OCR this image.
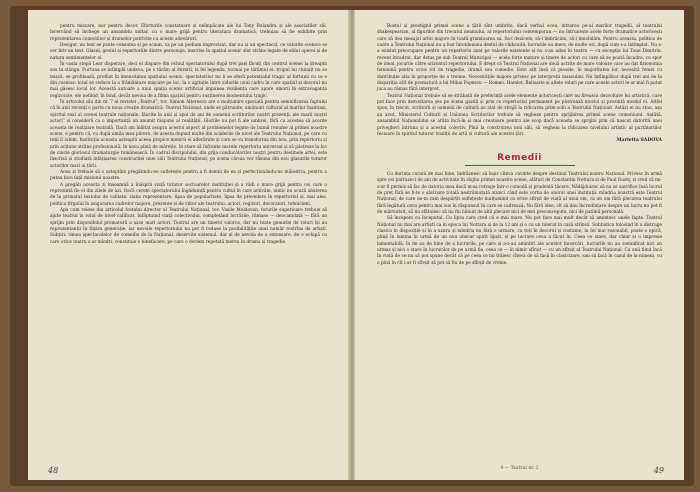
pentru mișcare, nor pentru decor. Eforturile constatoare și neîmpăcate ale lui Tony Bulandra și ale asociaților săi, încercând să închege un ansamblu unitar, cu o mare grijă pentru literatura dramatică, trebuiau să fie exhibite prin reprezentarea comediilor și dramelor potrivite cu aceste adevăruri.

Desigur, un text se poate consuma și pe scaun, ca pe un podium improvizat, dar nu și un spectacol, ce valorile scenice se cer într-un text. Glasul, gestul și repertoriile dintre personaje, inscrise în spațiul scenic sînt strâns legate de stilul operei și de natura sentimentelor ei.

În vasta stepă Lear disperare, deci el dispare din ochiul spectatorului după trei pași făcuți din centrul scenei la dreapta sau la stânga. Furtuna se intîmplă undeva, pe o tărâm al durerii, la fel legenda, tocmai pe tărâmul ei: trupul lui chinuit nu se mișcă, se profilează, profilat în imensitatea spațiului scenic; spectatorilor nu li se oferă potențialul tragic al furtunii cu ce e din cosmos: totul se reduce la o frământare mișcare pe loc, la o agitație între zidurile unui cadru în care spațiul și decorul nu mai găsesc locul lor. Această autoare a unui spațiu scenic artificial impunea reziliența care apare umorii în extravaganța regizorale, ele nefiind, în fond, decât nevoia de a filma spațiul pentru susținerea momentului tragic.

În articolul său din nr. 7 al revistei „Teatrul”, tov. Simion Alterescu are o mulțumire specială pentru semnificarea faptului că în anii recenți o parte cu noua creație dramatică, Teatrul Național, unde se pătrunde, amănunt cultural al marilor înaintași, spiritul real al scenei teatrale naționale, făurite în anii și apoi de ani de oamenii scriitorilor noștri prezenți, ale marii noștri actori” și consideră ca o importanță un anumit răspuns al realității. Gloriile nu pot fi ale umbrei, fără ca acestea să acorde aceasta de realizare teatrală. Dacă am înăltat asupra acestui aspect al problemelor legate de bunul renume al primei noastre scene, e pentru că, cu după umila mea părere, de acesta depind multe din scăderile de nivel ale Teatrului Național, pe care cu toții îl iubim. Instituția aceasta așteaptă aceea propice menirii ei adevărate și care se va transforma din nou, prin repertoriu și prin acțiune strâns profesionată, în nava plină de măreție, în stare să înfrunte marele repertoriu universal și să păstreze la loc de cinste gloriosul dramaturgie românească. În cadrul discipulului, din grija conducătorilor noștri pentru destinele artei, este înscrisă și studiată înfățișarea construcției unei săli Teatrului Național, pe scena căruia vor răsuna din nou glasurile tuturor actorilor mari ai țării.

Acea zi trebuie să o așteptăm pregătindu-ne sufletește pentru a fi demni de ea și perfecționându-ne măiestria, pentru a putea face față misiunii noastre.

A pregăti aceasta zi înseamnă a înăsprii viață tuturor sectoarelor instituției și a vădi o mare grijă pentru cei care o reprezintă fie ei din zilele de azi. Dacă cerem spectatorului îngăduință pentru cultul în care activăm, nimic nu scuză abaterea de la primatul textului de calitate, slaba reprezentare, lipsa de popularitate, lipsa de prevedere în repertoriul și, mai ales, politica tîrgului în asigurarea cadrelor majore, prezente și de viitor ale teatrului: actori, regizori, decoratori, tehnicieni.

Apa cum reiese din articolul fostului director al Teatrului Național, tov. Vasile Moldovan, forurile superioare trebuie să ajute teatrul în rolul de nivel calificat, înfăptuind viață colectivului, completând lucrările, rămase — deocamdată — fără un sprijin prin disponibilul prematură a șase mari actori. Teatrul are un tinerel valoros, dar nu toate genurile de roluri își au reprezentanții în tînăra generație, iar nevoile repertoriului nu pot fi reduse la posibilitățile unui număr restrîns de artiști. Subțiri: rimea spectacolelor de comedie de la Național, deservite sistemul, dar și de nevoia de a extensare, de o echipă cu care orice teatru s-ar mîndri, constituie o binefacere, pe care o doriem repetată mereu în drama și tragedie.

48

Rostul și prestigiul primei scene a țării sînt umbrite, dacă verbul ecou, intrarea pe-al marilor tragedii, al teatrului shakespearian, al figurilor din trecutul neamului, al repertoriului contemporan — nu întrunește acele forțe dramatice actoricești care să dea mesajul artei majore în toată grandoarea sa. Sa-l dezicem, să-l îmbrăcăm, să-l înnobilăm. Pentru aceasta, politica de cadre a Teatrului Național nu a fost întotdeauna destul de chibzuită; lucrurile au mers, de multe ori, după cum s-a întîmplat. Nu s-a existat preocupare pentru un repertoriu axat pe valorile existente și nu s-au adus în teatru — cu excepția lui Tone Dimitriu, recent încadrat, dar detaș pe sub Teatrul Municipal — acele forțe mature și tinere de actori cu care să se poată încadra, cu spor de ideal, jocurile către orizontul repertoriului. E drept că Teatrul Național are două actrițe de mare valoare care au dat fizionomia feminină pentru orice rol de tragedie, dramă sau comedie. Este atît însă că piesele, în majoritatea lor, necesită femei cu distribuție alta în proporție de o treime. Necesitățile majore privesc pe interpreții masculini. Nu întîmplător după trei ani de la dispariția atît de prematură a lui Mihai Popescu — Romeo, Hamlet, Belisarie și altele roluri pe care aceste actori le-ar mai fi putut juca au rămas fără interpret.

Teatrul Național trebuie să se străbată de preferință acele elemente actoricești care nu fireasca dezvoltare lui artistică, care pot face prin dezvoltarea șes pe scena gazdă și prin ce repertoriul permanent pe păstrează nivelul și prezintă nivelul ei. Altfel spus, în trecut, scriitorii și oamenii de cultură au stat de strajă la ridicarea prim-solii a Teatrului Național. Astăzi ei nu stau, așa au avut, Ministerul Culturii și Uniunea Scriitorilor trebuie să vegheze pentru sprijinirea primei scene comeniumi. Aatâtă, ansamblul Naționalului se arăta încă-în și mai creatoare pentru ale scop dacă aceasta se sprijini prin că nascut datorită unei privegheri întruna și a acestui colectiv. Pînă la construirea noii săli, să veghem la rîdicarea nivelului artistic al purtătoriilor fecioare în spiritul tuturor tradiții de artă și cultură ale acestei țări.

Marietta SADOVA

Remedii

Cu dorința curată de mai bine, îndrăznesc să înșir cîteva cuvinte despre destinul Teatrului nostru Național. Privesc în urmă spre cei patruzeci de ani de activitate în slujba primei noastre scene, alături de Constantin Nottara și de Paul Gusty, și cred că mi-s-ar fi permis să fac de datoria mea dacă m-aș retrage într-o comodă și prudentă tăcere. Nădăjduiesc să nu se sacrifice însă lucrul de preț fără se fi-te o săvîrșire totală nestrămutată atunci când este vorba de onorul unei instituții: mîndria noastră este Teatrul Național, de care ne-m cam despărțit suflețește mulțumind ca orice sfîrșit de viață al unui om, ca un om fără plecarea teatrului fără legătură ceva pentru mai sus în răspunsul în care se cadrează: Nu fără idee, cît să dau încredințare despre un lucru nu pot fi de mărturisit, să nu sfătuiesc să nu fiu bănuit de altă plecare nici de mei preconcepute, nici de patimă personală.

Să începem cu începutul. Cu lipsa care cred că e mai mare. Nu pot face mai mult decât să amintesc unele fapte. Teatrul Național nu mai are artiști ca în epoca lui Nottara și de la 12 ani și o cu un tolerat în casă strînsă. Subțiatica folosind în a distruge clasica în dispoziție și în a uzura și mîndria nu fără o urmare, cu toți în decorul și costume, în fel mai rezonabil, poate o epică, plină în lumina în urmă de un nou obscur spirit lipsit, și pe lucrare ceva a făcut în. Ceea ce stare, dar chiar și o impresie lamentabilă, în de au de bine de a lucrurile, pe care și a-s-au amintiri ale acestor încercări, lucrurile nu au semnificat nici un urmaș și nici o stare în lucrurilor de pe urmă fie, ceea ce — în nimic sfîrșit — cu un sfîrșit al Teatrului Național. Ca unii fiind încă în viață de ce nu să pot spune decât că pe ceea ce nu trăiesc cîteva de să facă în clasicizare, sau să facă în cazul de la nimeni, cu o pînă în cît i-ar fi sfîrșit să pot să fiu de pe sfîrșit de vreme.

4 — Teatrul nr. 2	49
